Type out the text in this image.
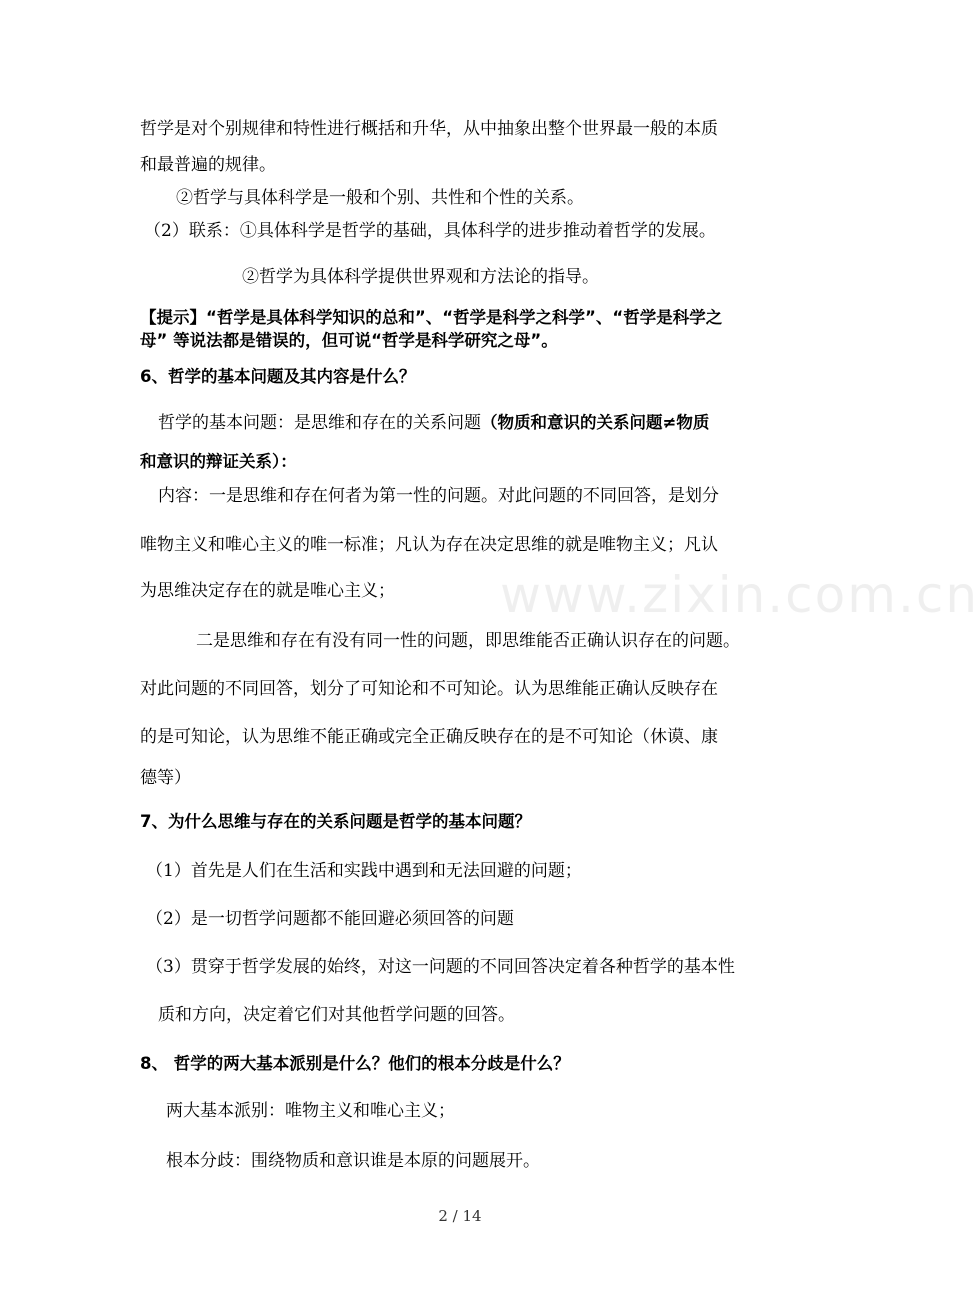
www.zixin.com.cn
哲学是对个别规律和特性进行概括和升华，从中抽象出整个世界最一般的本质
和最普遍的规律。
②哲学与具体科学是一般和个别、共性和个性的关系。
（2）联系：①具体科学是哲学的基础，具体科学的进步推动着哲学的发展。
②哲学为具体科学提供世界观和方法论的指导。
【提示】“哲学是具体科学知识的总和”、“哲学是科学之科学”、“哲学是科学之
母” 等说法都是错误的，但可说“哲学是科学研究之母”。
6、哲学的基本问题及其内容是什么？
哲学的基本问题：是思维和存在的关系问题（物质和意识的关系问题≠物质
和意识的辩证关系）：
内容：一是思维和存在何者为第一性的问题。对此问题的不同回答，是划分
唯物主义和唯心主义的唯一标准；凡认为存在决定思维的就是唯物主义；凡认
为思维决定存在的就是唯心主义；
二是思维和存在有没有同一性的问题，即思维能否正确认识存在的问题。
对此问题的不同回答，划分了可知论和不可知论。认为思维能正确认反映存在
的是可知论，认为思维不能正确或完全正确反映存在的是不可知论（休谟、康
德等）
7、为什么思维与存在的关系问题是哲学的基本问题？
（1）首先是人们在生活和实践中遇到和无法回避的问题；
（2）是一切哲学问题都不能回避必须回答的问题
（3）贯穿于哲学发展的始终，对这一问题的不同回答决定着各种哲学的基本性
质和方向，决定着它们对其他哲学问题的回答。
8、 哲学的两大基本派别是什么？他们的根本分歧是什么？
两大基本派别：唯物主义和唯心主义；
根本分歧：围绕物质和意识谁是本原的问题展开。
2 / 14
